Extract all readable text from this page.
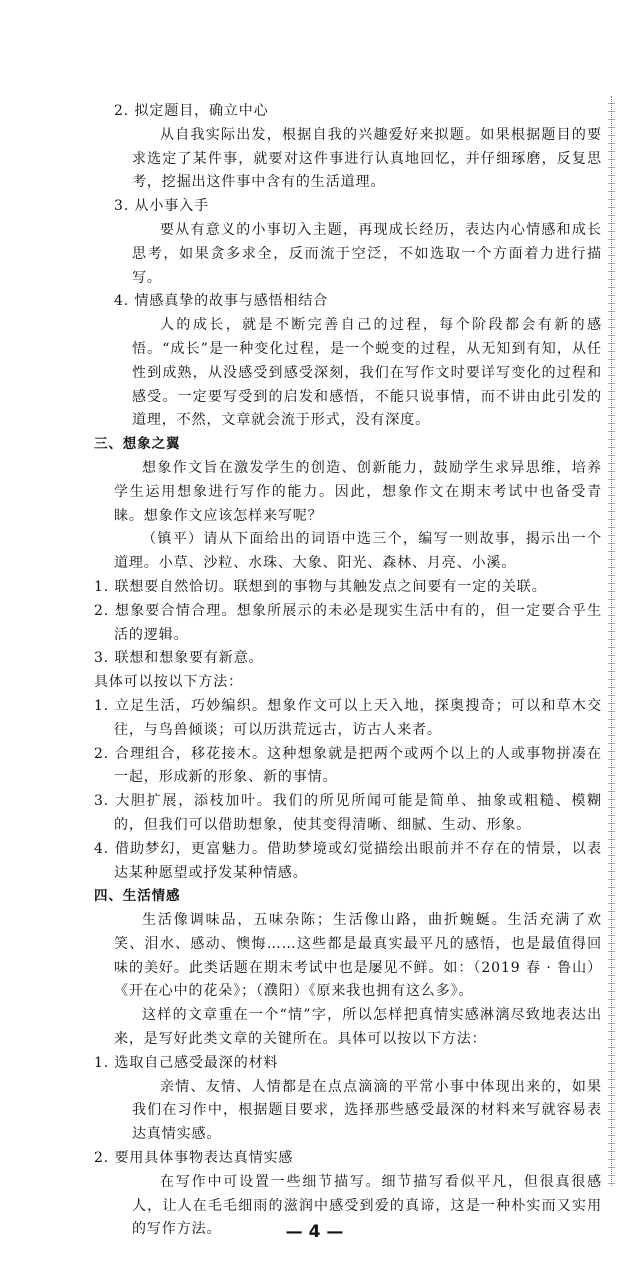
2. 拟定题目，确立中心

从自我实际出发，根据自我的兴趣爱好来拟题。如果根据题目的要求选定了某件事，就要对这件事进行认真地回忆，并仔细琢磨，反复思考，挖掘出这件事中含有的生活道理。

3. 从小事入手

要从有意义的小事切入主题，再现成长经历，表达内心情感和成长思考，如果贪多求全，反而流于空泛，不如选取一个方面着力进行描写。

4. 情感真挚的故事与感悟相结合

人的成长，就是不断完善自己的过程，每个阶段都会有新的感悟。“成长”是一种变化过程，是一个蜕变的过程，从无知到有知，从任性到成熟，从没感受到感受深刻，我们在写作文时要详写变化的过程和感受。一定要写受到的启发和感悟，不能只说事情，而不讲由此引发的道理，不然，文章就会流于形式，没有深度。

三、想象之翼

想象作文旨在激发学生的创造、创新能力，鼓励学生求异思维，培养学生运用想象进行写作的能力。因此，想象作文在期末考试中也备受青睐。想象作文应该怎样来写呢？

（镇平）请从下面给出的词语中选三个，编写一则故事，揭示出一个道理。小草、沙粒、水珠、大象、阳光、森林、月亮、小溪。

1. 联想要自然恰切。联想到的事物与其触发点之间要有一定的关联。

2. 想象要合情合理。想象所展示的未必是现实生活中有的，但一定要合乎生活的逻辑。

3. 联想和想象要有新意。

具体可以按以下方法：

1. 立足生活，巧妙编织。想象作文可以上天入地，探奥搜奇；可以和草木交往，与鸟兽倾谈；可以历洪荒远古，访古人来者。

2. 合理组合，移花接木。这种想象就是把两个或两个以上的人或事物拼凑在一起，形成新的形象、新的事情。

3. 大胆扩展，添枝加叶。我们的所见所闻可能是简单、抽象或粗糙、模糊的，但我们可以借助想象，使其变得清晰、细腻、生动、形象。

4. 借助梦幻，更富魅力。借助梦境或幻觉描绘出眼前并不存在的情景，以表达某种愿望或抒发某种情感。

四、生活情感

生活像调味品，五味杂陈；生活像山路，曲折蜿蜒。生活充满了欢笑、泪水、感动、懊悔……这些都是最真实最平凡的感悟，也是最值得回味的美好。此类话题在期末考试中也是屡见不鲜。如：（2019 春 · 鲁山）《开在心中的花朵》；（濮阳）《原来我也拥有这么多》。

这样的文章重在一个“情”字，所以怎样把真情实感淋漓尽致地表达出来，是写好此类文章的关键所在。具体可以按以下方法：

1. 选取自己感受最深的材料

亲情、友情、人情都是在点点滴滴的平常小事中体现出来的，如果我们在习作中，根据题目要求，选择那些感受最深的材料来写就容易表达真情实感。

2. 要用具体事物表达真情实感

在写作中可设置一些细节描写。细节描写看似平凡，但很真很感人，让人在毛毛细雨的滋润中感受到爱的真谛，这是一种朴实而又实用的写作方法。	— 4 —
